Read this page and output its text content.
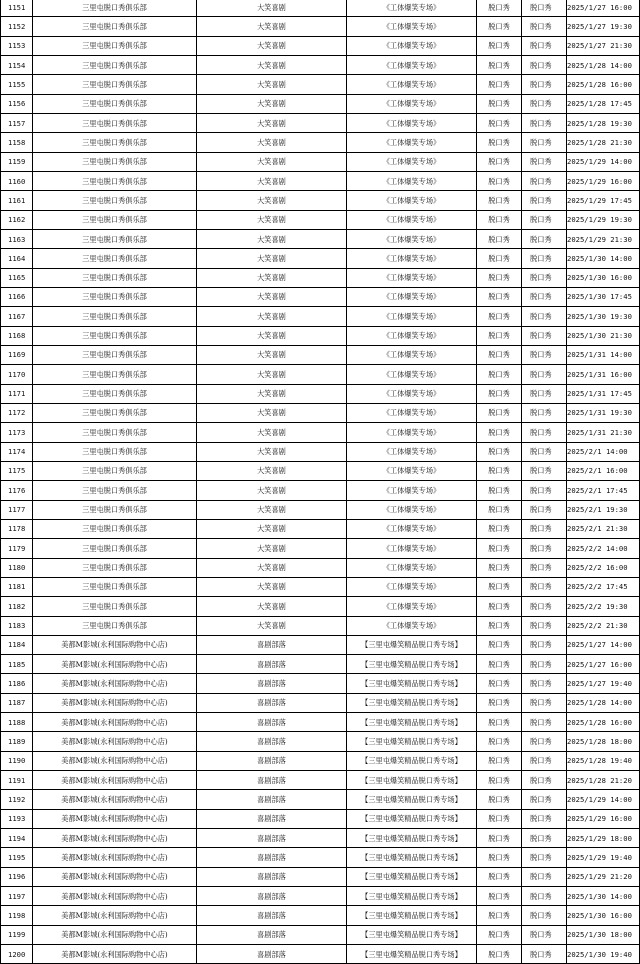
1151	三里屯脱口秀俱乐部	大笑喜剧	《工体爆笑专场》	脱口秀	脱口秀	2025/1/27 16:00
1152	三里屯脱口秀俱乐部	大笑喜剧	《工体爆笑专场》	脱口秀	脱口秀	2025/1/27 19:30
1153	三里屯脱口秀俱乐部	大笑喜剧	《工体爆笑专场》	脱口秀	脱口秀	2025/1/27 21:30
1154	三里屯脱口秀俱乐部	大笑喜剧	《工体爆笑专场》	脱口秀	脱口秀	2025/1/28 14:00
1155	三里屯脱口秀俱乐部	大笑喜剧	《工体爆笑专场》	脱口秀	脱口秀	2025/1/28 16:00
1156	三里屯脱口秀俱乐部	大笑喜剧	《工体爆笑专场》	脱口秀	脱口秀	2025/1/28 17:45
1157	三里屯脱口秀俱乐部	大笑喜剧	《工体爆笑专场》	脱口秀	脱口秀	2025/1/28 19:30
1158	三里屯脱口秀俱乐部	大笑喜剧	《工体爆笑专场》	脱口秀	脱口秀	2025/1/28 21:30
1159	三里屯脱口秀俱乐部	大笑喜剧	《工体爆笑专场》	脱口秀	脱口秀	2025/1/29 14:00
1160	三里屯脱口秀俱乐部	大笑喜剧	《工体爆笑专场》	脱口秀	脱口秀	2025/1/29 16:00
1161	三里屯脱口秀俱乐部	大笑喜剧	《工体爆笑专场》	脱口秀	脱口秀	2025/1/29 17:45
1162	三里屯脱口秀俱乐部	大笑喜剧	《工体爆笑专场》	脱口秀	脱口秀	2025/1/29 19:30
1163	三里屯脱口秀俱乐部	大笑喜剧	《工体爆笑专场》	脱口秀	脱口秀	2025/1/29 21:30
1164	三里屯脱口秀俱乐部	大笑喜剧	《工体爆笑专场》	脱口秀	脱口秀	2025/1/30 14:00
1165	三里屯脱口秀俱乐部	大笑喜剧	《工体爆笑专场》	脱口秀	脱口秀	2025/1/30 16:00
1166	三里屯脱口秀俱乐部	大笑喜剧	《工体爆笑专场》	脱口秀	脱口秀	2025/1/30 17:45
1167	三里屯脱口秀俱乐部	大笑喜剧	《工体爆笑专场》	脱口秀	脱口秀	2025/1/30 19:30
1168	三里屯脱口秀俱乐部	大笑喜剧	《工体爆笑专场》	脱口秀	脱口秀	2025/1/30 21:30
1169	三里屯脱口秀俱乐部	大笑喜剧	《工体爆笑专场》	脱口秀	脱口秀	2025/1/31 14:00
1170	三里屯脱口秀俱乐部	大笑喜剧	《工体爆笑专场》	脱口秀	脱口秀	2025/1/31 16:00
1171	三里屯脱口秀俱乐部	大笑喜剧	《工体爆笑专场》	脱口秀	脱口秀	2025/1/31 17:45
1172	三里屯脱口秀俱乐部	大笑喜剧	《工体爆笑专场》	脱口秀	脱口秀	2025/1/31 19:30
1173	三里屯脱口秀俱乐部	大笑喜剧	《工体爆笑专场》	脱口秀	脱口秀	2025/1/31 21:30
1174	三里屯脱口秀俱乐部	大笑喜剧	《工体爆笑专场》	脱口秀	脱口秀	2025/2/1 14:00
1175	三里屯脱口秀俱乐部	大笑喜剧	《工体爆笑专场》	脱口秀	脱口秀	2025/2/1 16:00
1176	三里屯脱口秀俱乐部	大笑喜剧	《工体爆笑专场》	脱口秀	脱口秀	2025/2/1 17:45
1177	三里屯脱口秀俱乐部	大笑喜剧	《工体爆笑专场》	脱口秀	脱口秀	2025/2/1 19:30
1178	三里屯脱口秀俱乐部	大笑喜剧	《工体爆笑专场》	脱口秀	脱口秀	2025/2/1 21:30
1179	三里屯脱口秀俱乐部	大笑喜剧	《工体爆笑专场》	脱口秀	脱口秀	2025/2/2 14:00
1180	三里屯脱口秀俱乐部	大笑喜剧	《工体爆笑专场》	脱口秀	脱口秀	2025/2/2 16:00
1181	三里屯脱口秀俱乐部	大笑喜剧	《工体爆笑专场》	脱口秀	脱口秀	2025/2/2 17:45
1182	三里屯脱口秀俱乐部	大笑喜剧	《工体爆笑专场》	脱口秀	脱口秀	2025/2/2 19:30
1183	三里屯脱口秀俱乐部	大笑喜剧	《工体爆笑专场》	脱口秀	脱口秀	2025/2/2 21:30
1184	美都M影城(永利国际购物中心店)	喜剧部落	【三里屯爆笑精品脱口秀专场】	脱口秀	脱口秀	2025/1/27 14:00
1185	美都M影城(永利国际购物中心店)	喜剧部落	【三里屯爆笑精品脱口秀专场】	脱口秀	脱口秀	2025/1/27 16:00
1186	美都M影城(永利国际购物中心店)	喜剧部落	【三里屯爆笑精品脱口秀专场】	脱口秀	脱口秀	2025/1/27 19:40
1187	美都M影城(永利国际购物中心店)	喜剧部落	【三里屯爆笑精品脱口秀专场】	脱口秀	脱口秀	2025/1/28 14:00
1188	美都M影城(永利国际购物中心店)	喜剧部落	【三里屯爆笑精品脱口秀专场】	脱口秀	脱口秀	2025/1/28 16:00
1189	美都M影城(永利国际购物中心店)	喜剧部落	【三里屯爆笑精品脱口秀专场】	脱口秀	脱口秀	2025/1/28 18:00
1190	美都M影城(永利国际购物中心店)	喜剧部落	【三里屯爆笑精品脱口秀专场】	脱口秀	脱口秀	2025/1/28 19:40
1191	美都M影城(永利国际购物中心店)	喜剧部落	【三里屯爆笑精品脱口秀专场】	脱口秀	脱口秀	2025/1/28 21:20
1192	美都M影城(永利国际购物中心店)	喜剧部落	【三里屯爆笑精品脱口秀专场】	脱口秀	脱口秀	2025/1/29 14:00
1193	美都M影城(永利国际购物中心店)	喜剧部落	【三里屯爆笑精品脱口秀专场】	脱口秀	脱口秀	2025/1/29 16:00
1194	美都M影城(永利国际购物中心店)	喜剧部落	【三里屯爆笑精品脱口秀专场】	脱口秀	脱口秀	2025/1/29 18:00
1195	美都M影城(永利国际购物中心店)	喜剧部落	【三里屯爆笑精品脱口秀专场】	脱口秀	脱口秀	2025/1/29 19:40
1196	美都M影城(永利国际购物中心店)	喜剧部落	【三里屯爆笑精品脱口秀专场】	脱口秀	脱口秀	2025/1/29 21:20
1197	美都M影城(永利国际购物中心店)	喜剧部落	【三里屯爆笑精品脱口秀专场】	脱口秀	脱口秀	2025/1/30 14:00
1198	美都M影城(永利国际购物中心店)	喜剧部落	【三里屯爆笑精品脱口秀专场】	脱口秀	脱口秀	2025/1/30 16:00
1199	美都M影城(永利国际购物中心店)	喜剧部落	【三里屯爆笑精品脱口秀专场】	脱口秀	脱口秀	2025/1/30 18:00
1200	美都M影城(永利国际购物中心店)	喜剧部落	【三里屯爆笑精品脱口秀专场】	脱口秀	脱口秀	2025/1/30 19:40
